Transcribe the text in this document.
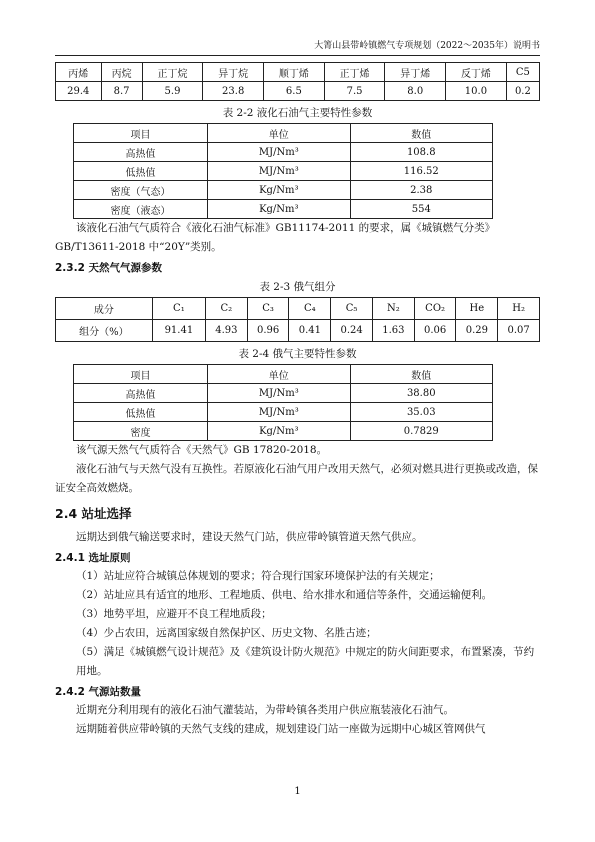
大箐山县带岭镇燃气专项规划（2022～2035年）说明书
丙烯	丙烷	正丁烷	异丁烷	顺丁烯	正丁烯	异丁烯	反丁烯	C5
29.4	8.7	5.9	23.8	6.5	7.5	8.0	10.0	0.2
表 2-2 液化石油气主要特性参数
项目	单位	数值
高热值	MJ/Nm³	108.8
低热值	MJ/Nm³	116.52
密度（气态）	Kg/Nm³	2.38
密度（液态）	Kg/Nm³	554

该液化石油气气质符合《液化石油气标准》GB11174-2011 的要求，属《城镇燃气分类》GB/T13611-2018 中“20Y”类别。

2.3.2 天然气气源参数
表 2-3 俄气组分
成分	C₁	C₂	C₃	C₄	C₅	N₂	CO₂	He	H₂
组分（%）	91.41	4.93	0.96	0.41	0.24	1.63	0.06	0.29	0.07
表 2-4 俄气主要特性参数
项目	单位	数值
高热值	MJ/Nm³	38.80
低热值	MJ/Nm³	35.03
密度	Kg/Nm³	0.7829

该气源天然气气质符合《天然气》GB 17820-2018。

液化石油气与天然气没有互换性。若原液化石油气用户改用天然气，必须对燃具进行更换或改造，保证安全高效燃烧。

2.4 站址选择

远期达到俄气输送要求时，建设天然气门站，供应带岭镇管道天然气供应。

2.4.1 选址原则

（1）站址应符合城镇总体规划的要求；符合现行国家环境保护法的有关规定；

（2）站址应具有适宜的地形、工程地质、供电、给水排水和通信等条件，交通运输便利。

（3）地势平坦，应避开不良工程地质段；

（4）少占农田，远离国家级自然保护区、历史文物、名胜古迹；

（5）满足《城镇燃气设计规范》及《建筑设计防火规范》中规定的防火间距要求，布置紧凑，节约用地。

2.4.2 气源站数量

近期充分利用现有的液化石油气灌装站，为带岭镇各类用户供应瓶装液化石油气。

远期随着供应带岭镇的天然气支线的建成，规划建设门站一座做为远期中心城区管网供气

1
